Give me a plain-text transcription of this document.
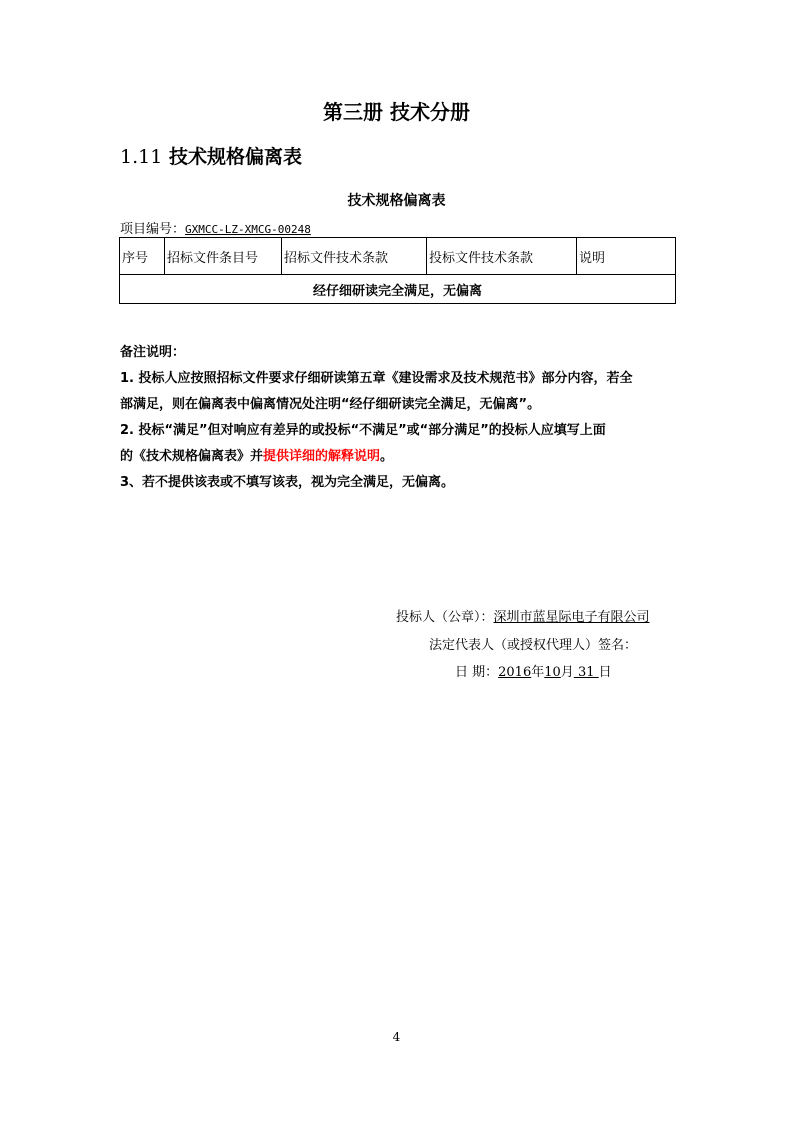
第三册 技术分册
1.11 技术规格偏离表
技术规格偏离表
项目编号：GXMCC-LZ-XMCG-00248
序号	招标文件条目号	招标文件技术条款	投标文件技术条款	说明
经仔细研读完全满足，无偏离

备注说明：

1. 投标人应按照招标文件要求仔细研读第五章《建设需求及技术规范书》部分内容，若全

部满足，则在偏离表中偏离情况处注明“经仔细研读完全满足，无偏离”。

2. 投标“满足”但对响应有差异的或投标“不满足”或“部分满足”的投标人应填写上面

的《技术规格偏离表》并提供详细的解释说明。

3、若不提供该表或不填写该表，视为完全满足，无偏离。

投标人（公章）：深圳市蓝星际电子有限公司
法定代表人（或授权代理人）签名：
日 期：2016年10月 31 日
4
